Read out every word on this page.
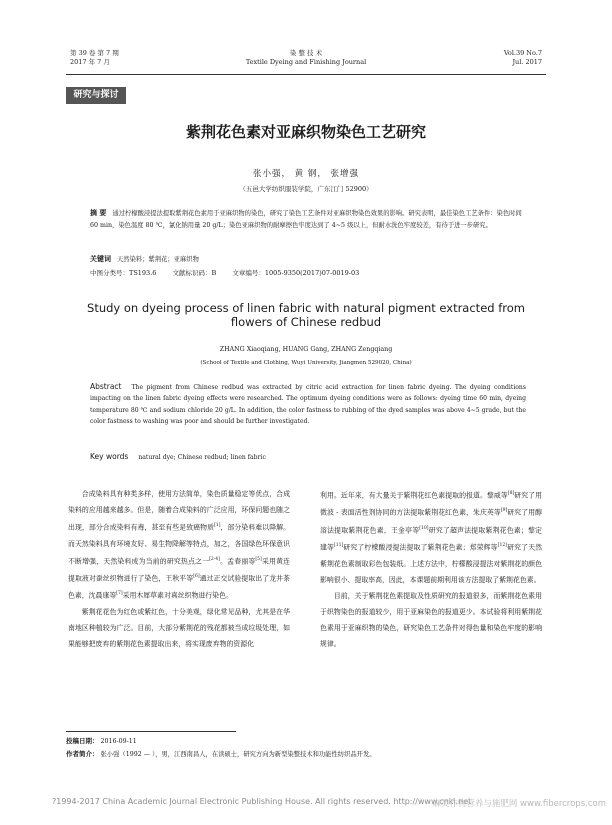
第 39 卷 第 7 期
2017 年 7 月
染 整 技 术
Textile Dyeing and Finishing Journal
Vol.39 No.7
Jul. 2017
研究与探讨
紫荆花色素对亚麻织物染色工艺研究
张小强， 黄 钢， 张增强
（五邑大学纺织服装学院，广东江门 52900）
摘 要 通过柠檬酸浸提法提取紫荆花色素用于亚麻织物的染色，研究了染色工艺条件对亚麻织物染色效果的影响。研究表明，最佳染色工艺条件：染色时间 60 min，染色温度 80 ℃，氯化钠用量 20 g/L；染色亚麻织物的耐摩擦色牢度达到了 4~5 级以上，但耐水洗色牢度较差，有待于进一步研究。
关键词 天然染料；紫荆花；亚麻织物
中图分类号：TS193.6 文献标识码：B 文章编号：1005-9350(2017)07-0019-03
Study on dyeing process of linen fabric with natural pigment extracted from flowers of Chinese redbud
ZHANG Xiaoqiang, HUANG Gang, ZHANG Zengqiang
(School of Textile and Clothing, Wuyi University, Jiangmen 529020, China)
Abstract The pigment from Chinese redbud was extracted by citric acid extraction for linen fabric dyeing. The dyeing conditions impacting on the linen fabric dyeing effects were researched. The optimum dyeing conditions were as follows: dyeing time 60 min, dyeing temperature 80 ℃ and sodium chloride 20 g/L. In addition, the color fastness to rubbing of the dyed samples was above 4~5 grade, but the color fastness to washing was poor and should be further investigated.
Key words natural dye; Chinese redbud; linen fabric

合成染料具有种类多样，使用方法简单，染色质量稳定等优点，合成染料的应用越来越多。但是，随着合成染料的广泛应用，环保问题也随之出现，部分合成染料有毒，甚至有些是致癌物质[1]，部分染料难以降解。而天然染料具有环境友好、易生物降解等特点，加之，各国绿色环保意识不断增强，天然染料成为当前的研究热点之一[2-4]。孟春丽等[5]采用黄连提取液对蚕丝织物进行了染色，王秋平等[6]通过正交试验提取出了龙井茶色素，沈晨康等[7]采用木犀草素对真丝织物进行染色。

紫荆花花色为红色或紫红色，十分美观，绿化常见品种，尤其是在华南地区种植较为广泛。目前，大部分紫荆花的残花都被当成垃圾处理，如果能够把废弃的紫荆花色素提取出来，将实现废弃物的资源化

利用。近年来，有大量关于紫荆花红色素提取的报道。黎威等[8]研究了用微波 - 表面活性剂协同的方法提取紫荆花红色素，朱庆英等[9]研究了用醇溶法提取紫荆花色素，王金亭等[10]研究了超声法提取紫荆花色素；黎定建等[11]研究了柠檬酸浸提法提取了紫荆花色素；郑荣辉等[12]研究了天然紫荆花色素制取彩色包装纸。上述方法中，柠檬酸浸提法对紫荆花的颜色影响很小、提取率高，因此，本课题前期利用该方法提取了紫荆花色素。

目前，关于紫荆花色素提取及性质研究的报道很多，而紫荆花色素用于织物染色的报道较少，用于亚麻染色的报道更少。本试验将利用紫荆花色素用于亚麻织物的染色，研究染色工艺条件对得色量和染色牢度的影响规律。

投稿日期： 2016-09-11
作者简介： 张小强（1992 — ），男，江西南昌人，在读硕士，研究方向为新型染整技术和功能性纺织品开发。
?1994-2017 China Academic Journal Electronic Publishing House. All rights reserved. http://www.cnki.net
麻类作物营养与施肥网 www.fibercrops.com
